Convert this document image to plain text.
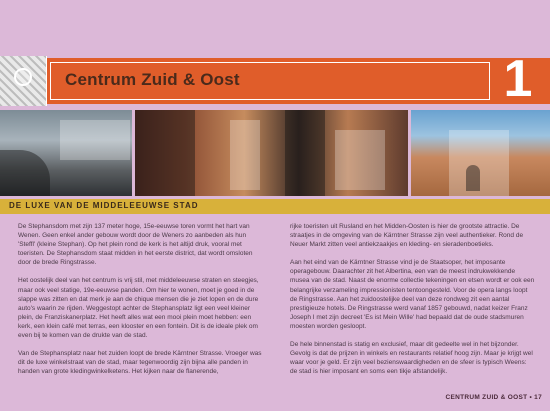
Centrum Zuid & Oost	1
DE LUXE VAN DE MIDDELEEUWSE STAD

De Stephansdom met zijn 137 meter hoge, 15e-eeuwse toren vormt het hart van Wenen. Geen enkel ander gebouw wordt door de Weners zo aanbeden als hun 'Steffl' (kleine Stephan). Op het plein rond de kerk is het altijd druk, vooral met toeristen. De Stephansdom staat midden in het eerste district, dat wordt omsloten door de brede Ringstrasse.

Het oostelijk deel van het centrum is vrij stil, met middeleeuwse straten en steegjes, maar ook veel statige, 19e-eeuwse panden. Om hier te wonen, moet je goed in de slappe was zitten en dat merk je aan de chique mensen die je ziet lopen en de dure auto's waarin ze rijden. Weggestopt achter de Stephansplatz ligt een veel kleiner plein, de Franziskanerplatz. Het heeft alles wat een mooi plein moet hebben: een kerk, een klein café met terras, een klooster en een fontein. Dit is de ideale plek om even bij te komen van de drukte van de stad.

Van de Stephansplatz naar het zuiden loopt de brede Kärntner Strasse. Vroeger was dit de luxe winkelstraat van de stad, maar tegenwoordig zijn bijna alle panden in handen van grote kledingwinkelketens. Het kijken naar de flanerende,

rijke toeristen uit Rusland en het Midden-Oosten is hier de grootste attractie. De straatjes in de omgeving van de Kärntner Strasse zijn veel authentieker. Rond de Neuer Markt zitten veel antiekzaakjes en kleding- en sieradenboetieks.

Aan het eind van de Kärntner Strasse vind je de Staatsoper, het imposante operagebouw. Daarachter zit het Albertina, een van de meest indrukwekkende musea van de stad. Naast de enorme collectie tekeningen en etsen wordt er ook een belangrijke verzameling impressionisten tentoongesteld. Voor de opera langs loopt de Ringstrasse. Aan het zuidoostelijke deel van deze rondweg zit een aantal prestigieuze hotels. De Ringstrasse werd vanaf 1857 gebouwd, nadat keizer Franz Joseph I met zijn decreet 'Es ist Mein Wille' had bepaald dat de oude stadsmuren moesten worden gesloopt.

De hele binnenstad is statig en exclusief, maar dit gedeelte wel in het bijzonder. Gevolg is dat de prijzen in winkels en restaurants relatief hoog zijn. Maar je krijgt wel waar voor je geld. Er zijn veel bezienswaardigheden en de sfeer is typisch Weens: de stad is hier imposant en soms een tikje afstandelijk.

CENTRUM ZUID & OOST • 17
